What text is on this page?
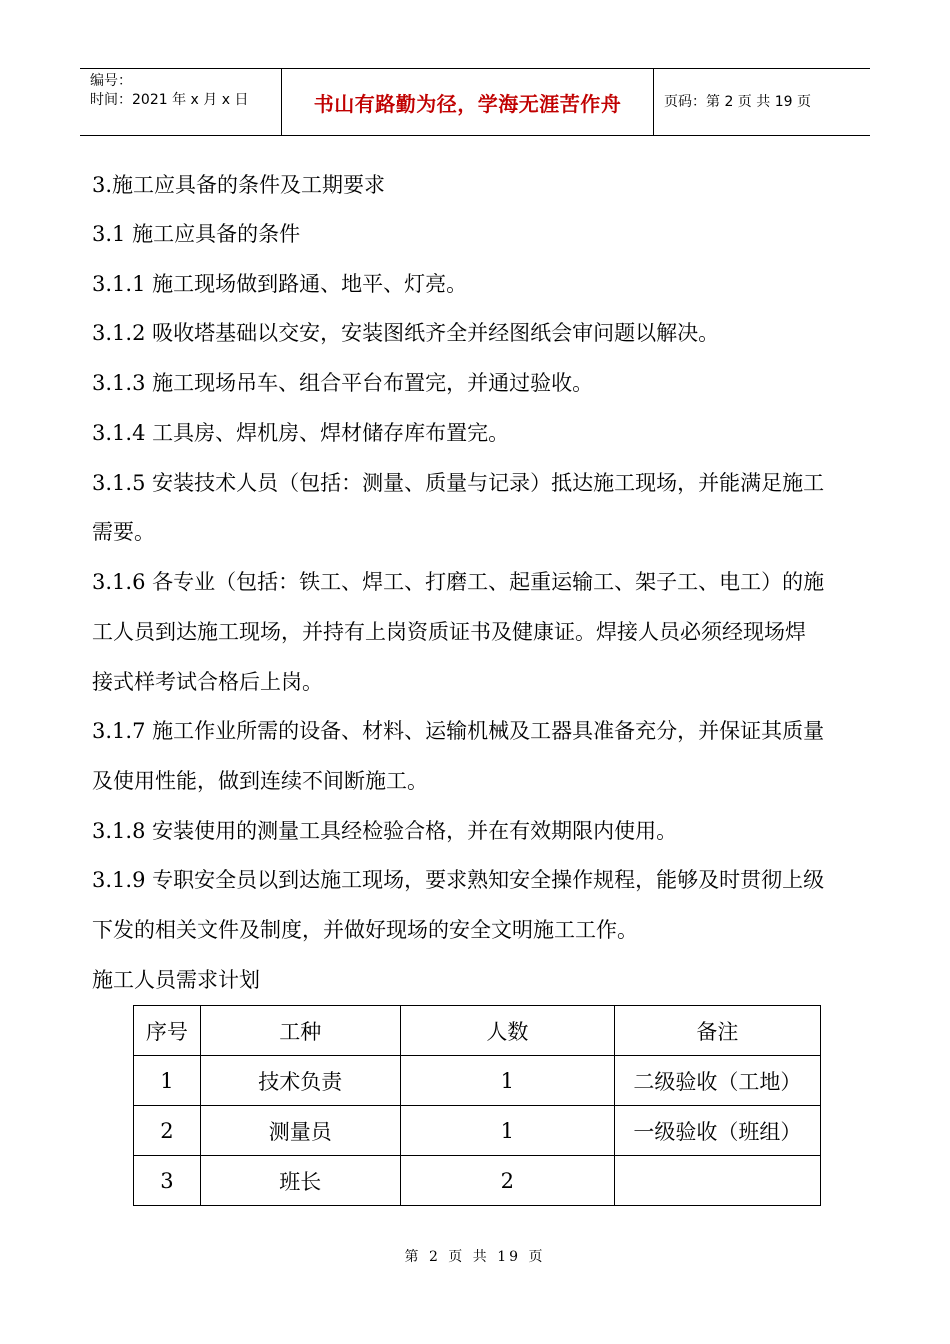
编号：
时间：2021 年 x 月 x 日	书山有路勤为径，学海无涯苦作舟	页码：第 2 页 共 19 页
3.施工应具备的条件及工期要求
3.1 施工应具备的条件
3.1.1 施工现场做到路通、地平、灯亮。
3.1.2 吸收塔基础以交安，安装图纸齐全并经图纸会审问题以解决。
3.1.3 施工现场吊车、组合平台布置完，并通过验收。
3.1.4 工具房、焊机房、焊材储存库布置完。
3.1.5 安装技术人员（包括：测量、质量与记录）抵达施工现场，并能满足施工
需要。
3.1.6 各专业（包括：铁工、焊工、打磨工、起重运输工、架子工、电工）的施
工人员到达施工现场，并持有上岗资质证书及健康证。焊接人员必须经现场焊
接式样考试合格后上岗。
3.1.7 施工作业所需的设备、材料、运输机械及工器具准备充分，并保证其质量
及使用性能，做到连续不间断施工。
3.1.8 安装使用的测量工具经检验合格，并在有效期限内使用。
3.1.9 专职安全员以到达施工现场，要求熟知安全操作规程，能够及时贯彻上级
下发的相关文件及制度，并做好现场的安全文明施工工作。
施工人员需求计划
序号	工种	人数	备注
1	技术负责	1	二级验收（工地）
2	测量员	1	一级验收（班组）
3	班长	2	
第 2 页 共 19 页
